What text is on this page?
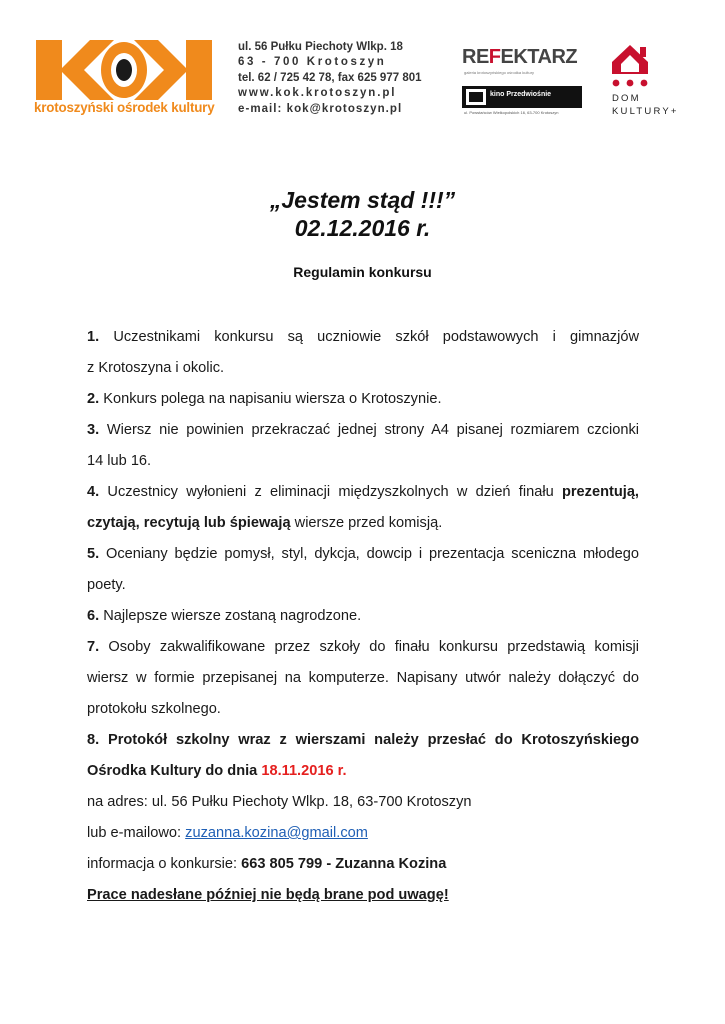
krotoszyński ośrodek kultury
ul. 56 Pułku Piechoty Wlkp. 18
63 - 700 Krotoszyn
tel. 62 / 725 42 78, fax 625 977 801
www.kok.krotoszyn.pl
e-mail: kok@krotoszyn.pl
REFEKTARZ
galeria krotoszyńskiego ośrodka kultury
kino Przedwiośnie
ul. Powstańców Wielkopolskich 16, 63-700 Krotoszyn
DOM
KULTURY+
„Jestem stąd !!!”
02.12.2016 r.
Regulamin konkursu

1. Uczestnikami konkursu są uczniowie szkół podstawowych i gimnazjów

z Krotoszyna i okolic.

2. Konkurs polega na napisaniu wiersza o Krotoszynie.

3. Wiersz nie powinien przekraczać jednej strony A4 pisanej rozmiarem czcionki

14 lub 16.

4. Uczestnicy wyłonieni z eliminacji międzyszkolnych w dzień finału prezentują,

czytają, recytują lub śpiewają wiersze przed komisją.

5. Oceniany będzie pomysł, styl, dykcja, dowcip i prezentacja sceniczna młodego

poety.

6. Najlepsze wiersze zostaną nagrodzone.

7. Osoby zakwalifikowane przez szkoły do finału konkursu przedstawią komisji

wiersz w formie przepisanej na komputerze. Napisany utwór należy dołączyć do

protokołu szkolnego.

8. Protokół szkolny wraz z wierszami należy przesłać do Krotoszyńskiego

Ośrodka Kultury do dnia 18.11.2016 r.

na adres: ul. 56 Pułku Piechoty Wlkp. 18, 63-700 Krotoszyn

lub e-mailowo: zuzanna.kozina@gmail.com

informacja o konkursie: 663 805 799 - Zuzanna Kozina

Prace nadesłane później nie będą brane pod uwagę!
